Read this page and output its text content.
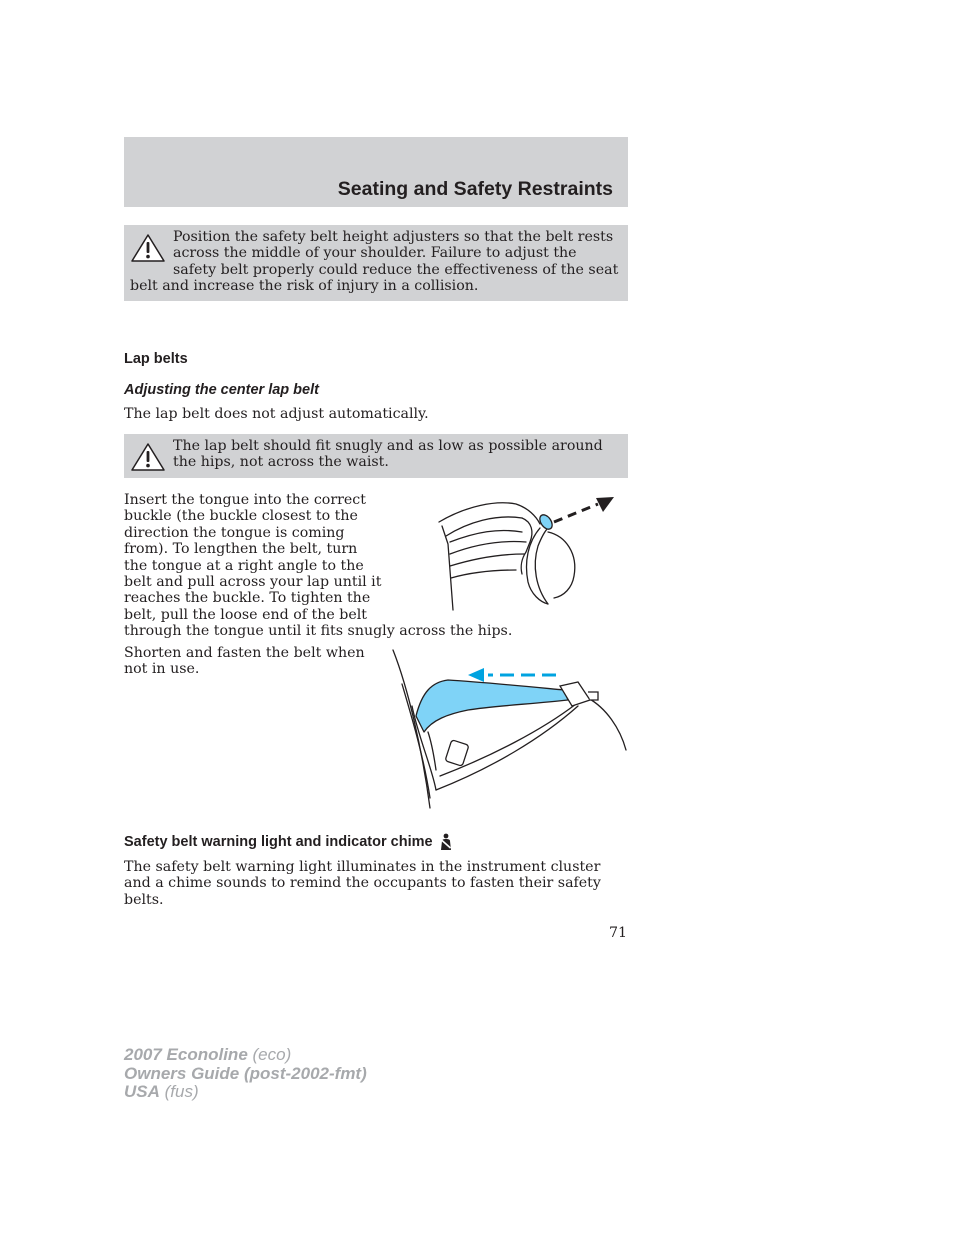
Seating and Safety Restraints

Position the safety belt height adjusters so that the belt rests across the middle of your shoulder. Failure to adjust the safety belt properly could reduce the effectiveness of the seat belt and increase the risk of injury in a collision.

Lap belts
Adjusting the center lap belt

The lap belt does not adjust automatically.

The lap belt should fit snugly and as low as possible around the hips, not across the waist.

Insert the tongue into the correct buckle (the buckle closest to the direction the tongue is coming from). To lengthen the belt, turn the tongue at a right angle to the belt and pull across your lap until it reaches the buckle. To tighten the belt, pull the loose end of the belt

through the tongue until it fits snugly across the hips.

Shorten and fasten the belt when not in use.

Safety belt warning light and indicator chime

The safety belt warning light illuminates in the instrument cluster and a chime sounds to remind the occupants to fasten their safety belts.

71

2007 Econoline (eco)
Owners Guide (post-2002-fmt)
USA (fus)
